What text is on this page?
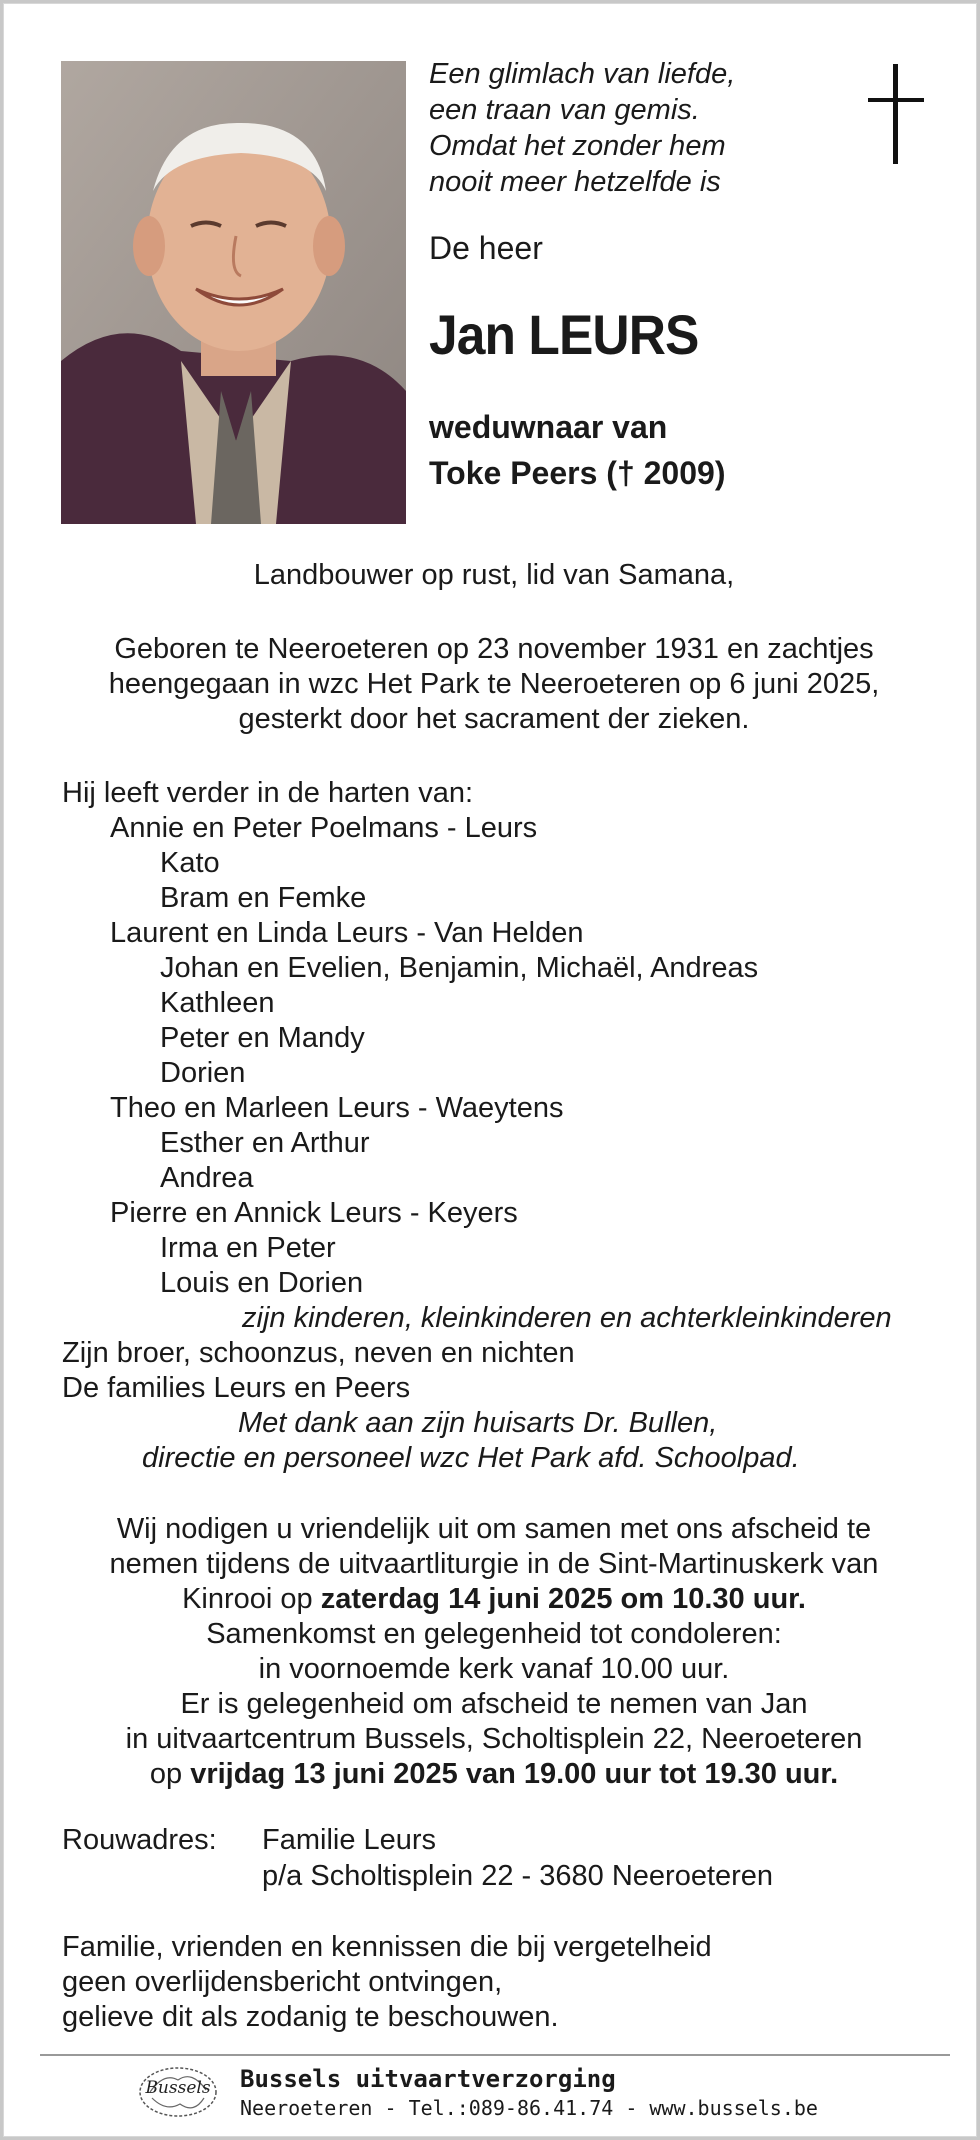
Een glimlach van liefde,
een traan van gemis.
Omdat het zonder hem
nooit meer hetzelfde is
De heer
Jan LEURS
weduwnaar van
Toke Peers († 2009)
Landbouwer op rust, lid van Samana,
Geboren te Neeroeteren op 23 november 1931 en zachtjes
heengegaan in wzc Het Park te Neeroeteren op 6 juni 2025,
gesterkt door het sacrament der zieken.
Hij leeft verder in de harten van:
Annie en Peter Poelmans - Leurs
Kato
Bram en Femke
Laurent en Linda Leurs - Van Helden
Johan en Evelien, Benjamin, Michaël, Andreas
Kathleen
Peter en Mandy
Dorien
Theo en Marleen Leurs - Waeytens
Esther en Arthur
Andrea
Pierre en Annick Leurs - Keyers
Irma en Peter
Louis en Dorien
zijn kinderen, kleinkinderen en achterkleinkinderen
Zijn broer, schoonzus, neven en nichten
De families Leurs en Peers
Met dank aan zijn huisarts Dr. Bullen,
directie en personeel wzc Het Park afd. Schoolpad.
Wij nodigen u vriendelijk uit om samen met ons afscheid te
nemen tijdens de uitvaartliturgie in de Sint-Martinuskerk van
Kinrooi op zaterdag 14 juni 2025 om 10.30 uur.
Samenkomst en gelegenheid tot condoleren:
in voornoemde kerk vanaf 10.00 uur.
Er is gelegenheid om afscheid te nemen van Jan
in uitvaartcentrum Bussels, Scholtisplein 22, Neeroeteren
op vrijdag 13 juni 2025 van 19.00 uur tot 19.30 uur.
Rouwadres: Familie Leurs
p/a Scholtisplein 22 - 3680 Neeroeteren
Familie, vrienden en kennissen die bij vergetelheid
geen overlijdensbericht ontvingen,
gelieve dit als zodanig te beschouwen.
Bussels	Bussels uitvaartverzorging
Neeroeteren - Tel.:089-86.41.74 - www.bussels.be
